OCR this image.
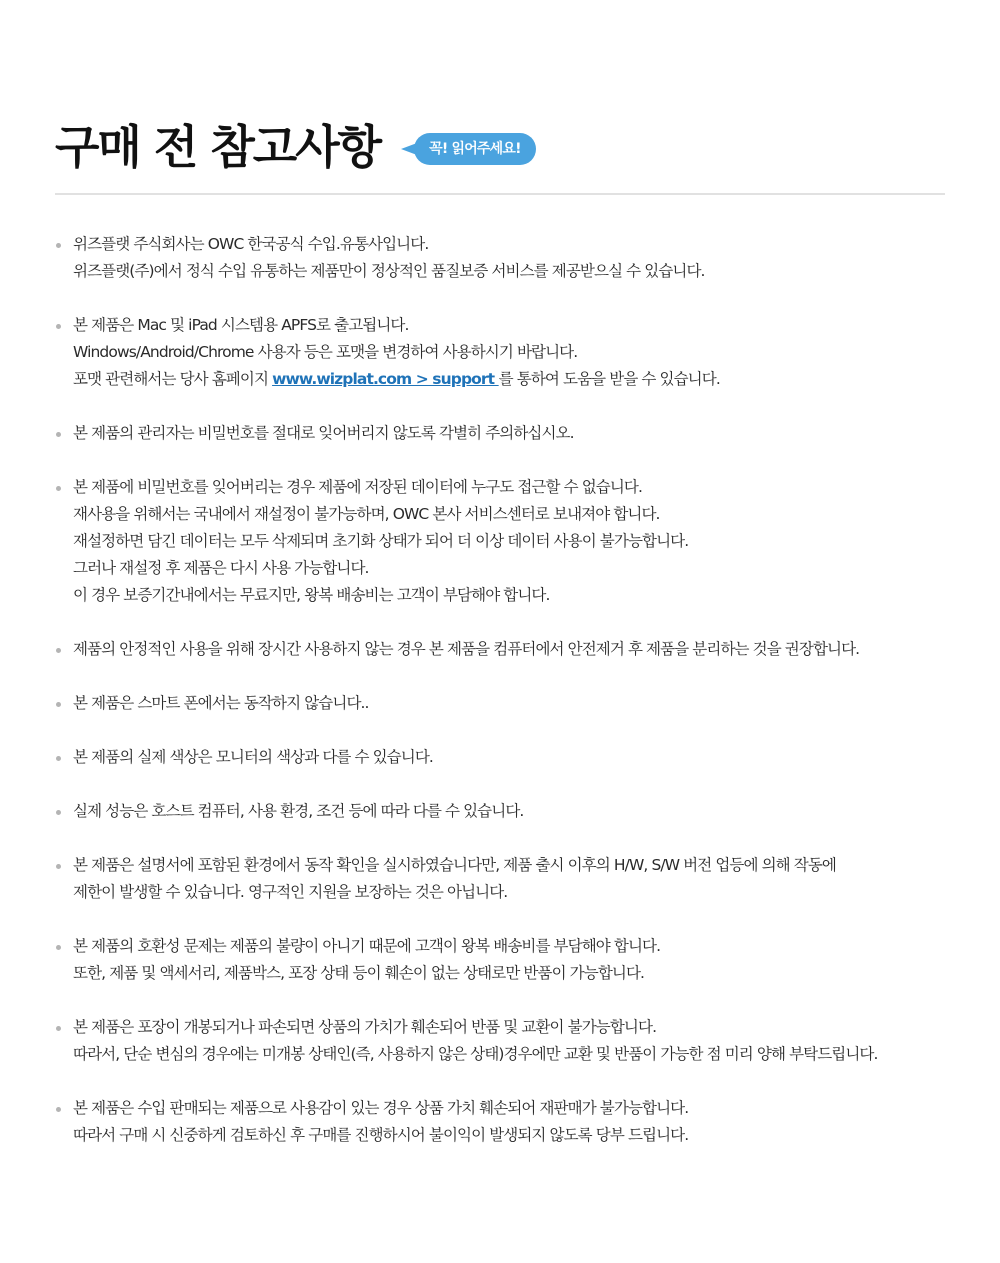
구매 전 참고사항	꼭! 읽어주세요!
위즈플랫 주식회사는 OWC 한국공식 수입.유통사입니다.
위즈플랫(주)에서 정식 수입 유통하는 제품만이 정상적인 품질보증 서비스를 제공받으실 수 있습니다.
본 제품은 Mac 및 iPad 시스템용 APFS로 출고됩니다.
Windows/Android/Chrome 사용자 등은 포맷을 변경하여 사용하시기 바랍니다.
포맷 관련해서는 당사 홈페이지 www.wizplat.com > support 를 통하여 도움을 받을 수 있습니다.
본 제품의 관리자는 비밀번호를 절대로 잊어버리지 않도록 각별히 주의하십시오.
본 제품에 비밀번호를 잊어버리는 경우 제품에 저장된 데이터에 누구도 접근할 수 없습니다.
재사용을 위해서는 국내에서 재설정이 불가능하며, OWC 본사 서비스센터로 보내져야 합니다.
재설정하면 담긴 데이터는 모두 삭제되며 초기화 상태가 되어 더 이상 데이터 사용이 불가능합니다.
그러나 재설정 후 제품은 다시 사용 가능합니다.
이 경우 보증기간내에서는 무료지만, 왕복 배송비는 고객이 부담해야 합니다.
제품의 안정적인 사용을 위해 장시간 사용하지 않는 경우 본 제품을 컴퓨터에서 안전제거 후 제품을 분리하는 것을 권장합니다.
본 제품은 스마트 폰에서는 동작하지 않습니다..
본 제품의 실제 색상은 모니터의 색상과 다를 수 있습니다.
실제 성능은 호스트 컴퓨터, 사용 환경, 조건 등에 따라 다를 수 있습니다.
본 제품은 설명서에 포함된 환경에서 동작 확인을 실시하였습니다만, 제품 출시 이후의 H/W, S/W 버전 업등에 의해 작동에
제한이 발생할 수 있습니다. 영구적인 지원을 보장하는 것은 아닙니다.
본 제품의 호환성 문제는 제품의 불량이 아니기 때문에 고객이 왕복 배송비를 부담해야 합니다.
또한, 제품 및 액세서리, 제품박스, 포장 상태 등이 훼손이 없는 상태로만 반품이 가능합니다.
본 제품은 포장이 개봉되거나 파손되면 상품의 가치가 훼손되어 반품 및 교환이 불가능합니다.
따라서, 단순 변심의 경우에는 미개봉 상태인(즉, 사용하지 않은 상태)경우에만 교환 및 반품이 가능한 점 미리 양해 부탁드립니다.
본 제품은 수입 판매되는 제품으로 사용감이 있는 경우 상품 가치 훼손되어 재판매가 불가능합니다.
따라서 구매 시 신중하게 검토하신 후 구매를 진행하시어 불이익이 발생되지 않도록 당부 드립니다.
